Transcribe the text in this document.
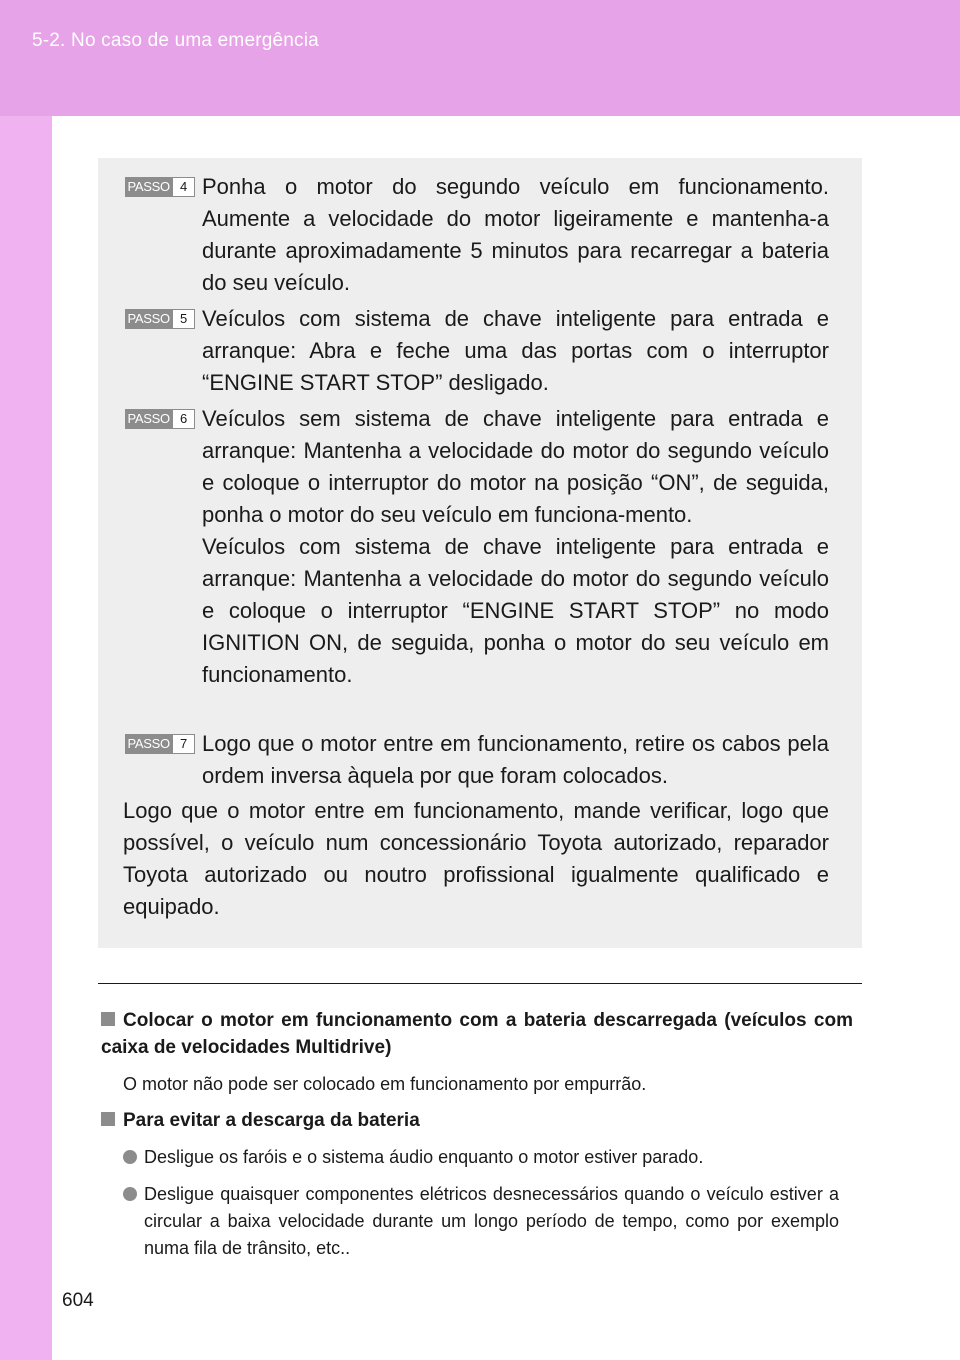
5-2. No caso de uma emergência
PASSO 4 Ponha o motor do segundo veículo em funcionamento. Aumente a velocidade do motor ligeiramente e mantenha-a durante aproximadamente 5 minutos para recarregar a bateria do seu veículo.

PASSO 5 Veículos com sistema de chave inteligente para entrada e arranque: Abra e feche uma das portas com o interruptor “ENGINE START STOP” desligado.

PASSO 6 Veículos sem sistema de chave inteligente para entrada e arranque: Mantenha a velocidade do motor do segundo veículo e coloque o interruptor do motor na posição “ON”, de seguida, ponha o motor do seu veículo em funciona-mento.

Veículos com sistema de chave inteligente para entrada e arranque: Mantenha a velocidade do motor do segundo veículo e coloque o interruptor “ENGINE START STOP” no modo IGNITION ON, de seguida, ponha o motor do seu veículo em funcionamento.

PASSO 7 Logo que o motor entre em funcionamento, retire os cabos pela ordem inversa àquela por que foram colocados.

Logo que o motor entre em funcionamento, mande verificar, logo que possível, o veículo num concessionário Toyota autorizado, reparador Toyota autorizado ou noutro profissional igualmente qualificado e equipado.

Colocar o motor em funcionamento com a bateria descarregada (veículos com caixa de velocidades Multidrive)

O motor não pode ser colocado em funcionamento por empurrão.

Para evitar a descarga da bateria
Desligue os faróis e o sistema áudio enquanto o motor estiver parado.
Desligue quaisquer componentes elétricos desnecessários quando o veículo estiver a circular a baixa velocidade durante um longo período de tempo, como por exemplo numa fila de trânsito, etc..
604
